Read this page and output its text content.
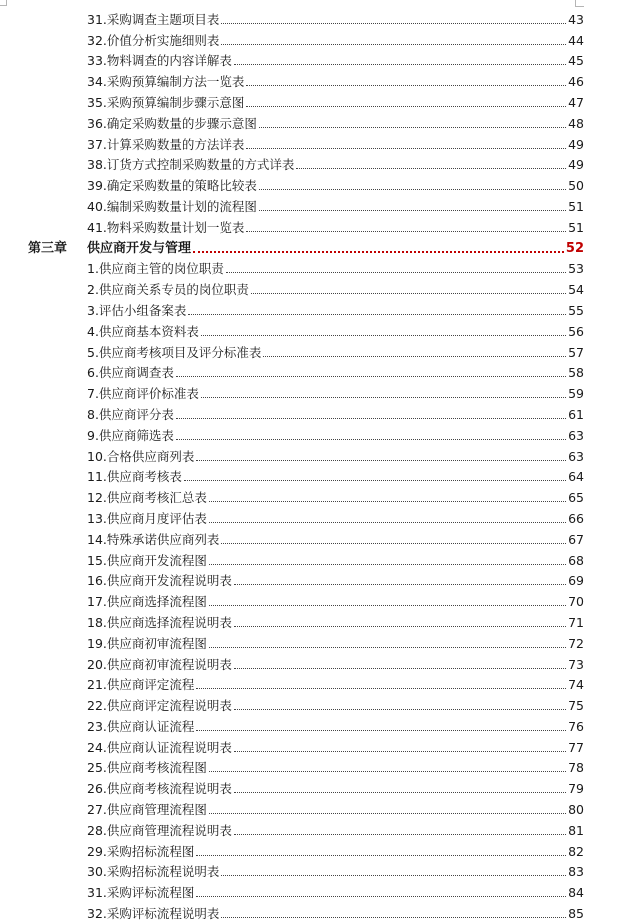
31.采购调查主题项目表	43
32.价值分析实施细则表	44
33.物料调查的内容详解表	45
34.采购预算编制方法一览表	46
35.采购预算编制步骤示意图	47
36.确定采购数量的步骤示意图	48
37.计算采购数量的方法详表	49
38.订货方式控制采购数量的方式详表	49
39.确定采购数量的策略比较表	50
40.编制采购数量计划的流程图	51
41.物料采购数量计划一览表	51
第三章	供应商开发与管理	52
1.供应商主管的岗位职责	53
2.供应商关系专员的岗位职责	54
3.评估小组备案表	55
4.供应商基本资料表	56
5.供应商考核项目及评分标准表	57
6.供应商调查表	58
7.供应商评价标准表	59
8.供应商评分表	61
9.供应商筛选表	63
10.合格供应商列表	63
11.供应商考核表	64
12.供应商考核汇总表	65
13.供应商月度评估表	66
14.特殊承诺供应商列表	67
15.供应商开发流程图	68
16.供应商开发流程说明表	69
17.供应商选择流程图	70
18.供应商选择流程说明表	71
19.供应商初审流程图	72
20.供应商初审流程说明表	73
21.供应商评定流程	74
22.供应商评定流程说明表	75
23.供应商认证流程	76
24.供应商认证流程说明表	77
25.供应商考核流程图	78
26.供应商考核流程说明表	79
27.供应商管理流程图	80
28.供应商管理流程说明表	81
29.采购招标流程图	82
30.采购招标流程说明表	83
31.采购评标流程图	84
32.采购评标流程说明表	85
